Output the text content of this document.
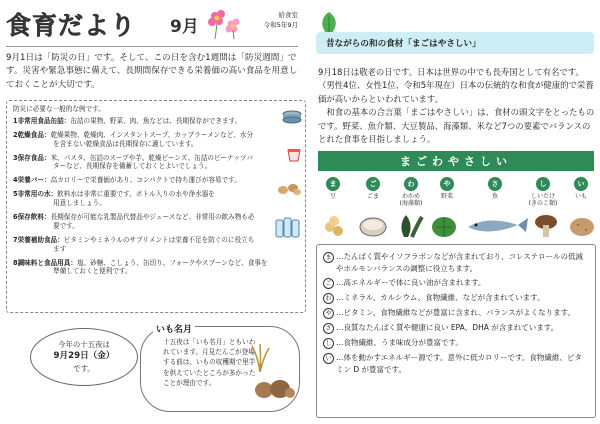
食育だより 9月
給食室
令和5年9月
9月1日は「防災の日」です。そして、この日を含む1週間は「防災週間」です。災害や緊急事態に備えて、長期間保存できる栄養価の高い食品を用意しておくことが大切です。
防災に必要な一般的な例です。
1非常用食品缶詰：缶詰の果物、野菜、肉、魚などは、長期保存ができます。
2乾燥食品：乾燥果物、乾燥肉、インスタントスープ、カップラーメンなど、水分
を含まない乾燥食品は長期保存に適しています。
3保存食品：米、パスタ、缶詰のスープや芋、乾燥ビーンズ、缶詰のピーナッツバ
ターなど、長期保存を備蓄しておくとよいでしょう。
4栄養バー：高カロリーで栄養価があり、コンパクトで持ち運びが容易です。
5非常用の水：飲料水は非常に重要です。ボトル入りの水や浄水器を
用意しましょう。
6保存飲料：長期保存が可能な乳製品代替品やジュースなど、非常用の飲み物も必
要です。
7栄養補助食品：ビタミンやミネラルのサプリメントは栄養不足を防ぐのに役立ち
ます
8調味料と食品用具：塩、砂糖、こしょう、缶切り、フォークやスプーンなど、食事を
準備しておくと便利です。
今年の十五夜は
9月29日（金）
です。
十五夜は「いも名月」ともいわれています。月見だんごが登場する前は、いもの収穫期で里芋を供えていたところが多かったことが理由です。
いも名月
昔ながらの和の食材「まごはやさしい」
9月18日は敬老の日です。日本は世界の中でも長寿国として有名です。（男性4位、女性1位、令和5年現在）日本の伝統的な和食が健康的で栄養価が高いからといわれています。
和食の基本の合言葉「まごはやさしい」は、食材の頭文字をとったものです。野菜、魚介類、大豆製品、海藻類、米など7つの要素でバランスのとれた食事を目指しましょう。
まごわやさしい
ま
豆
ご
ごま
わ
わかめ
(海藻類)
や
野菜
さ
魚
し
しいたけ
(きのこ類)
い
いも
ま …たんぱく質やイソフラボンなどが含まれており、コレステロールの低減やホルモンバランスの調整に役立ちます。
ご …高エネルギーで体に良い油が含まれます。
わ …ミネラル、カルシウム、食物繊維、などが含まれています。
や …ビタミン、食物繊維などが豊富に含まれ、バランスがよくなります。
さ …良質なたんぱく質や健康に良い EPA、DHA が含まれています。
し …食物繊維、うま味成分が豊富です。
い …体を動かすエネルギー源です。意外に低カロリーです。食物繊維、ビタミン D が豊富です。
